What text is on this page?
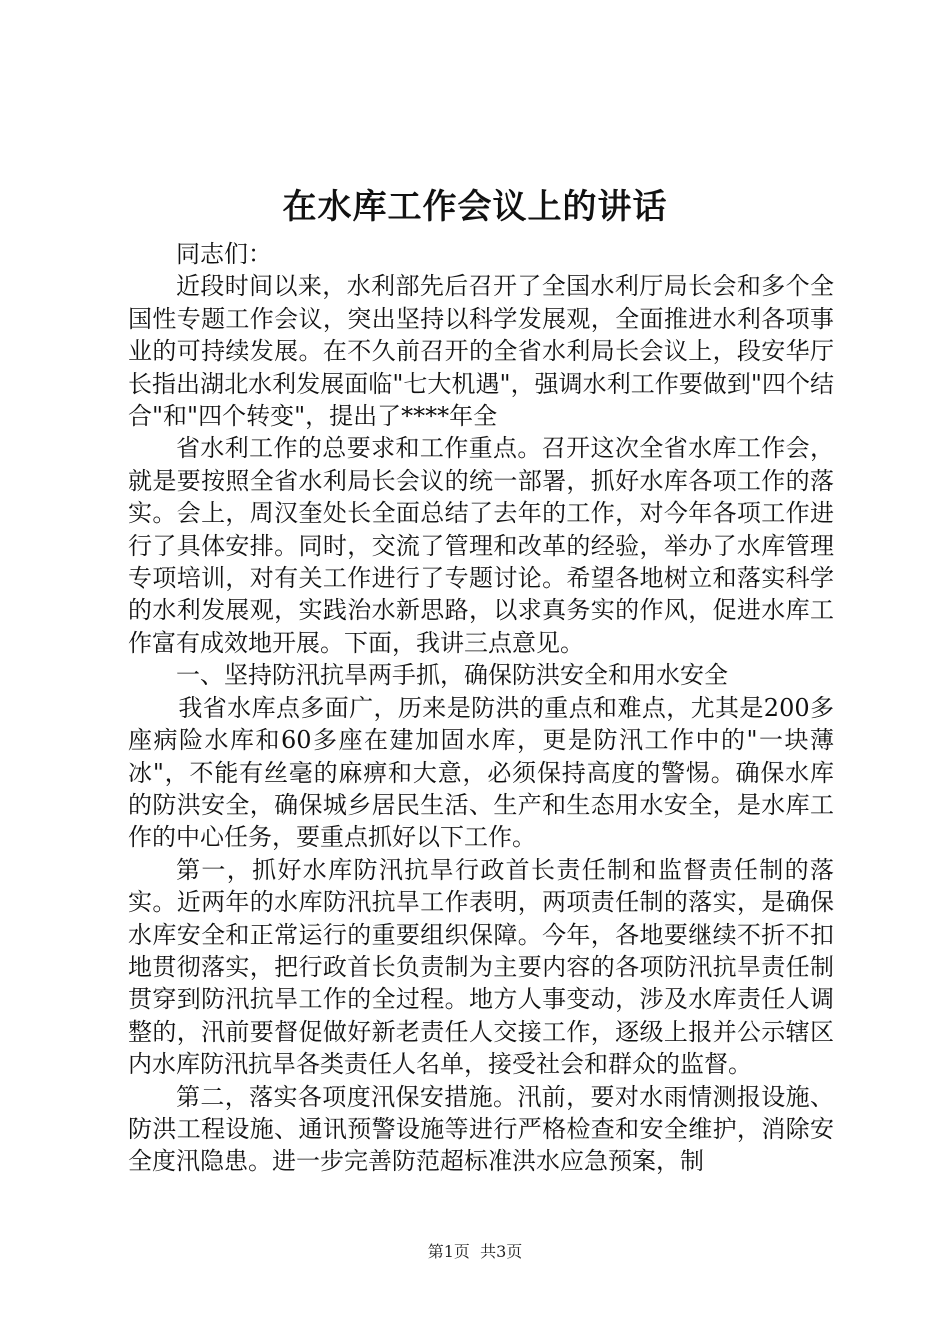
在水库工作会议上的讲话

同志们：

近段时间以来，水利部先后召开了全国水利厅局长会和多个全国性专题工作会议，突出坚持以科学发展观，全面推进水利各项事业的可持续发展。在不久前召开的全省水利局长会议上，段安华厅长指出湖北水利发展面临"七大机遇"，强调水利工作要做到"四个结合"和"四个转变"，提出了****年全

省水利工作的总要求和工作重点。召开这次全省水库工作会，就是要按照全省水利局长会议的统一部署，抓好水库各项工作的落实。会上，周汉奎处长全面总结了去年的工作，对今年各项工作进行了具体安排。同时，交流了管理和改革的经验，举办了水库管理专项培训，对有关工作进行了专题讨论。希望各地树立和落实科学的水利发展观，实践治水新思路，以求真务实的作风，促进水库工作富有成效地开展。下面，我讲三点意见。

一、坚持防汛抗旱两手抓，确保防洪安全和用水安全

我省水库点多面广，历来是防洪的重点和难点，尤其是200多座病险水库和60多座在建加固水库，更是防汛工作中的"一块薄冰"，不能有丝毫的麻痹和大意，必须保持高度的警惕。确保水库的防洪安全，确保城乡居民生活、生产和生态用水安全，是水库工作的中心任务，要重点抓好以下工作。

第一，抓好水库防汛抗旱行政首长责任制和监督责任制的落实。近两年的水库防汛抗旱工作表明，两项责任制的落实，是确保水库安全和正常运行的重要组织保障。今年，各地要继续不折不扣地贯彻落实，把行政首长负责制为主要内容的各项防汛抗旱责任制贯穿到防汛抗旱工作的全过程。地方人事变动，涉及水库责任人调整的，汛前要督促做好新老责任人交接工作，逐级上报并公示辖区内水库防汛抗旱各类责任人名单，接受社会和群众的监督。

第二，落实各项度汛保安措施。汛前，要对水雨情测报设施、防洪工程设施、通讯预警设施等进行严格检查和安全维护，消除安全度汛隐患。进一步完善防范超标准洪水应急预案，制

第1页  共3页
